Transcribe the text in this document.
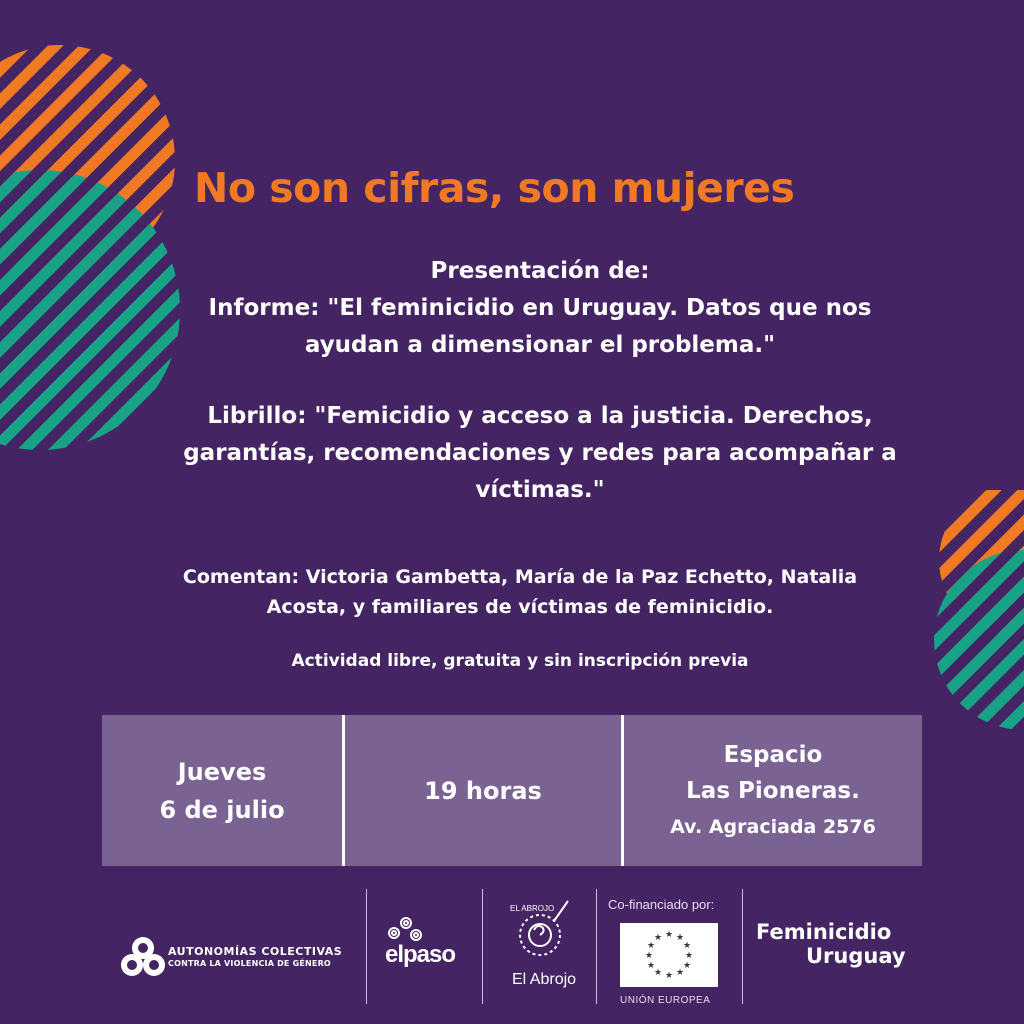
No son cifras, son mujeres
Presentación de:
Informe: "El feminicidio en Uruguay. Datos que nos
ayudan a dimensionar el problema."
Librillo: "Femicidio y acceso a la justicia. Derechos,
garantías, recomendaciones y redes para acompañar a
víctimas."
Comentan: Victoria Gambetta, María de la Paz Echetto, Natalia
Acosta, y familiares de víctimas de feminicidio.
Actividad libre, gratuita y sin inscripción previa
Jueves
6 de julio
19 horas
Espacio
Las Pioneras.
Av. Agraciada 2576
AUTONOMÍAS COLECTIVAS
CONTRA LA VIOLENCIA DE GÉNERO	elpaso
EL ABROJO
El Abrojo
Co-financiado por:
★ ★
★
★
★
★
★
★
★
★
★
★
UNIÓN EUROPEA
Feminicidio
Uruguay
